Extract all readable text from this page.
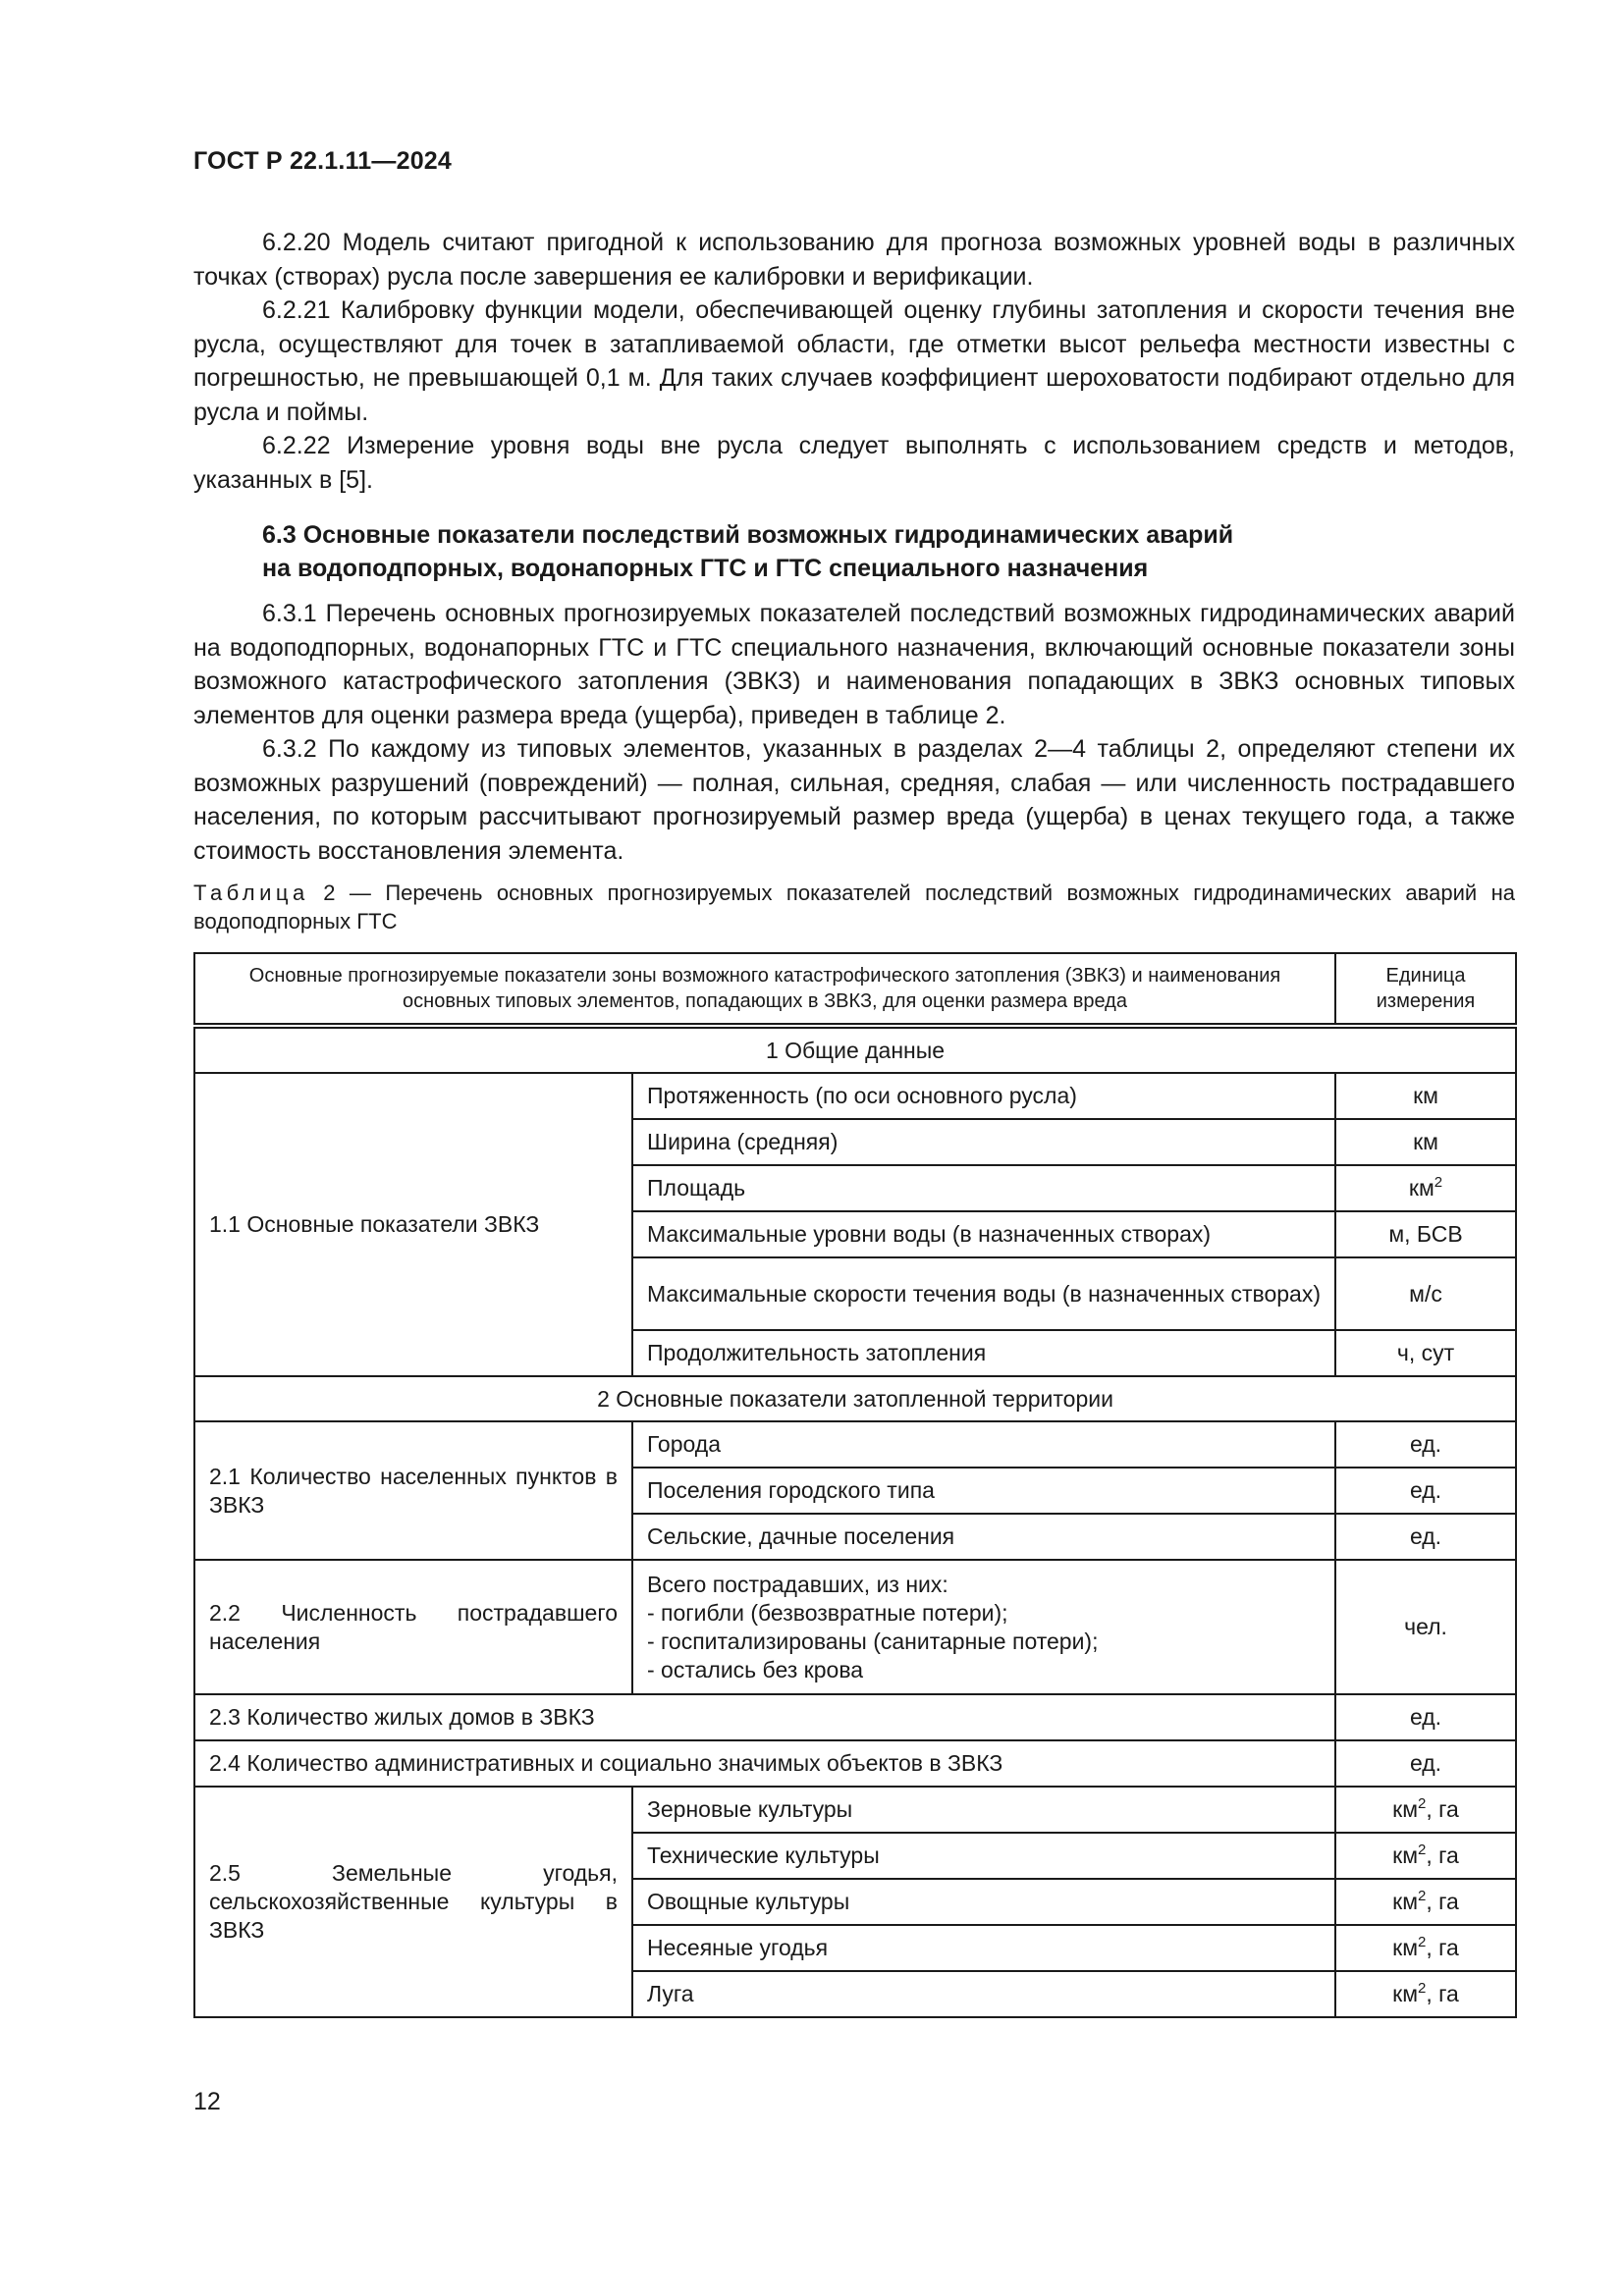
ГОСТ Р 22.1.11—2024

6.2.20 Модель считают пригодной к использованию для прогноза возможных уровней воды в различных точках (створах) русла после завершения ее калибровки и верификации.

6.2.21 Калибровку функции модели, обеспечивающей оценку глубины затопления и скорости течения вне русла, осуществляют для точек в затапливаемой области, где отметки высот рельефа местности известны с погрешностью, не превышающей 0,1 м. Для таких случаев коэффициент шероховатости подбирают отдельно для русла и поймы.

6.2.22 Измерение уровня воды вне русла следует выполнять с использованием средств и методов, указанных в [5].

6.3 Основные показатели последствий возможных гидродинамических аварий
на водоподпорных, водонапорных ГТС и ГТС специального назначения

6.3.1 Перечень основных прогнозируемых показателей последствий возможных гидродинамических аварий на водоподпорных, водонапорных ГТС и ГТС специального назначения, включающий основные показатели зоны возможного катастрофического затопления (ЗВКЗ) и наименования попадающих в ЗВКЗ основных типовых элементов для оценки размера вреда (ущерба), приведен в таблице 2.

6.3.2 По каждому из типовых элементов, указанных в разделах 2—4 таблицы 2, определяют степени их возможных разрушений (повреждений) — полная, сильная, средняя, слабая — или численность пострадавшего населения, по которым рассчитывают прогнозируемый размер вреда (ущерба) в ценах текущего года, а также стоимость восстановления элемента.

Таблица 2 — Перечень основных прогнозируемых показателей последствий возможных гидродинамических аварий на водоподпорных ГТС
Основные прогнозируемые показатели зоны возможного катастрофического затопления (ЗВКЗ) и наименования основных типовых элементов, попадающих в ЗВКЗ, для оценки размера вреда		Единица измерения
1 Общие данные		
1.1 Основные показатели ЗВКЗ	Протяженность (по оси основного русла)	км
	Ширина (средняя)	км
	Площадь	$км^2$
	Максимальные уровни воды (в назначенных створах)	м, БСВ
	Максимальные скорости течения воды (в назначенных створах)	м/с
	Продолжительность затопления	ч, сут
2 Основные показатели затопленной территории		
2.1 Количество населенных пунктов в ЗВКЗ	Города	ед.
	Поселения городского типа	ед.
	Сельские, дачные поселения	ед.
2.2 Численность пострадавшего населения	Всего пострадавших, из них:
- погибли (безвозвратные потери);
- госпитализированы (санитарные потери);
- остались без крова	чел.
2.3 Количество жилых домов в ЗВКЗ		ед.
2.4 Количество административных и социально значимых объектов в ЗВКЗ		ед.
2.5 Земельные угодья, сельскохозяйственные культуры в ЗВКЗ	Зерновые культуры	$км^2$, га
	Технические культуры	$км^2$, га
	Овощные культуры	$км^2$, га
	Несеяные угодья	$км^2$, га
	Луга	$км^2$, га
12
